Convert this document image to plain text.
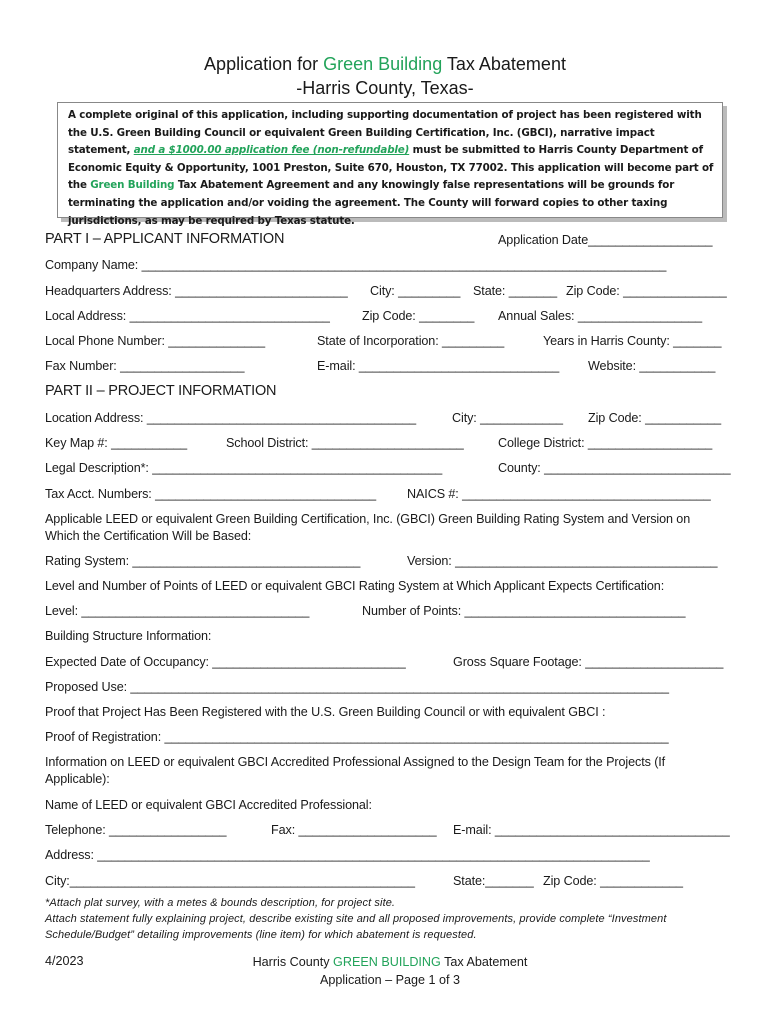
Application for Green Building Tax Abatement
-Harris County, Texas-
A complete original of this application, including supporting documentation of project has been registered with the U.S. Green Building Council or equivalent Green Building Certification, Inc. (GBCI), narrative impact statement, and a $1000.00 application fee (non-refundable) must be submitted to Harris County Department of Economic Equity & Opportunity, 1001 Preston, Suite 670, Houston, TX 77002. This application will become part of the Green Building Tax Abatement Agreement and any knowingly false representations will be grounds for terminating the application and/or voiding the agreement. The County will forward copies to other taxing jurisdictions, as may be required by Texas statute.
PART I – APPLICANT INFORMATION	Application Date__________________
Company Name: ____________________________________________________________________________
Headquarters Address: _________________________ City: _________ State: _______ Zip Code: _______________
Local Address: _____________________________	Zip Code: ________ Annual Sales: __________________
Local Phone Number: ______________	State of Incorporation: _________	Years in Harris County: _______
Fax Number: __________________	E-mail: _____________________________ Website: ___________
PART II – PROJECT INFORMATION
Location Address: _______________________________________	City: ____________ Zip Code: ___________
Key Map #: ___________	School District: ______________________	College District: __________________
Legal Description*: __________________________________________	County: ___________________________
Tax Acct. Numbers: ________________________________ NAICS #: ____________________________________
Applicable LEED or equivalent Green Building Certification, Inc. (GBCI) Green Building Rating System and Version on
Which the Certification Will be Based:
Rating System: _________________________________	Version: ______________________________________
Level and Number of Points of LEED or equivalent GBCI Rating System at Which Applicant Expects Certification:
Level: _________________________________	Number of Points: ________________________________
Building Structure Information:
Expected Date of Occupancy: ____________________________	Gross Square Footage: ____________________
Proposed Use: ______________________________________________________________________________
Proof that Project Has Been Registered with the U.S. Green Building Council or with equivalent GBCI :
Proof of Registration: _________________________________________________________________________
Information on LEED or equivalent GBCI Accredited Professional Assigned to the Design Team for the Projects (If
Applicable):
Name of LEED or equivalent GBCI Accredited Professional:
Telephone: _________________	Fax: ____________________ E-mail: __________________________________
Address: ________________________________________________________________________________
City:__________________________________________________	State:_______ Zip Code: ____________
*Attach plat survey, with a metes & bounds description, for project site.
Attach statement fully explaining project, describe existing site and all proposed improvements, provide complete “Investment
Schedule/Budget” detailing improvements (line item) for which abatement is requested.
4/2023	Harris County GREEN BUILDING Tax Abatement
Application – Page 1 of 3
